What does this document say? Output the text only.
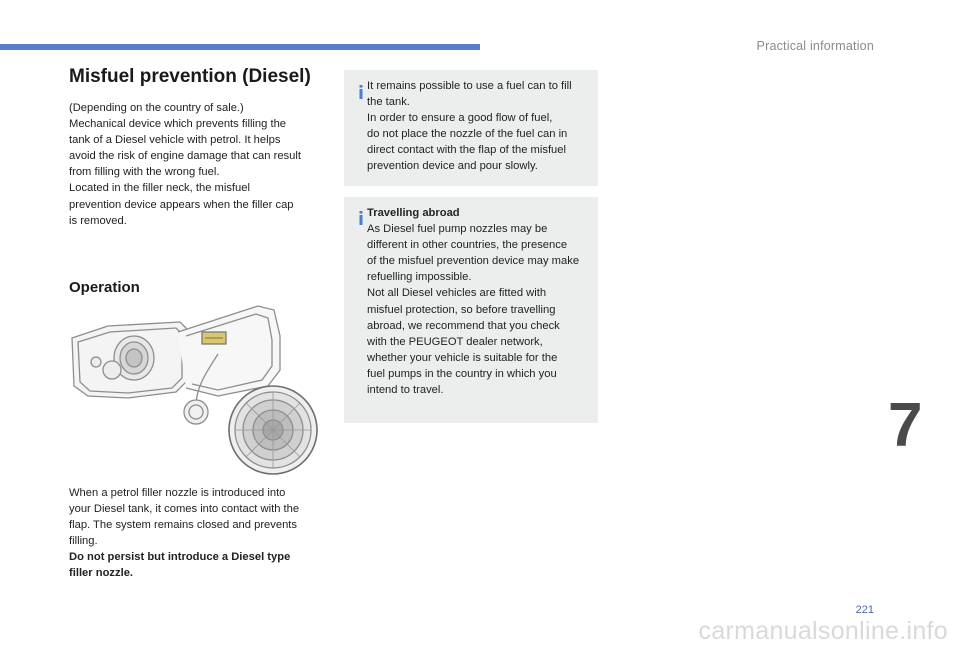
Practical information
Misfuel prevention (Diesel)

(Depending on the country of sale.)

Mechanical device which prevents filling the

tank of a Diesel vehicle with petrol. It helps

avoid the risk of engine damage that can result

from filling with the wrong fuel.

Located in the filler neck, the misfuel

prevention device appears when the filler cap

is removed.

Operation

When a petrol filler nozzle is introduced into

your Diesel tank, it comes into contact with the

flap. The system remains closed and prevents

filling.

Do not persist but introduce a Diesel type

filler nozzle.

It remains possible to use a fuel can to fill

the tank.

In order to ensure a good flow of fuel,

do not place the nozzle of the fuel can in

direct contact with the flap of the misfuel

prevention device and pour slowly.

Travelling abroad

As Diesel fuel pump nozzles may be

different in other countries, the presence

of the misfuel prevention device may make

refuelling impossible.

Not all Diesel vehicles are fitted with

misfuel protection, so before travelling

abroad, we recommend that you check

with the PEUGEOT dealer network,

whether your vehicle is suitable for the

fuel pumps in the country in which you

intend to travel.

7
221
carmanualsonline.info
